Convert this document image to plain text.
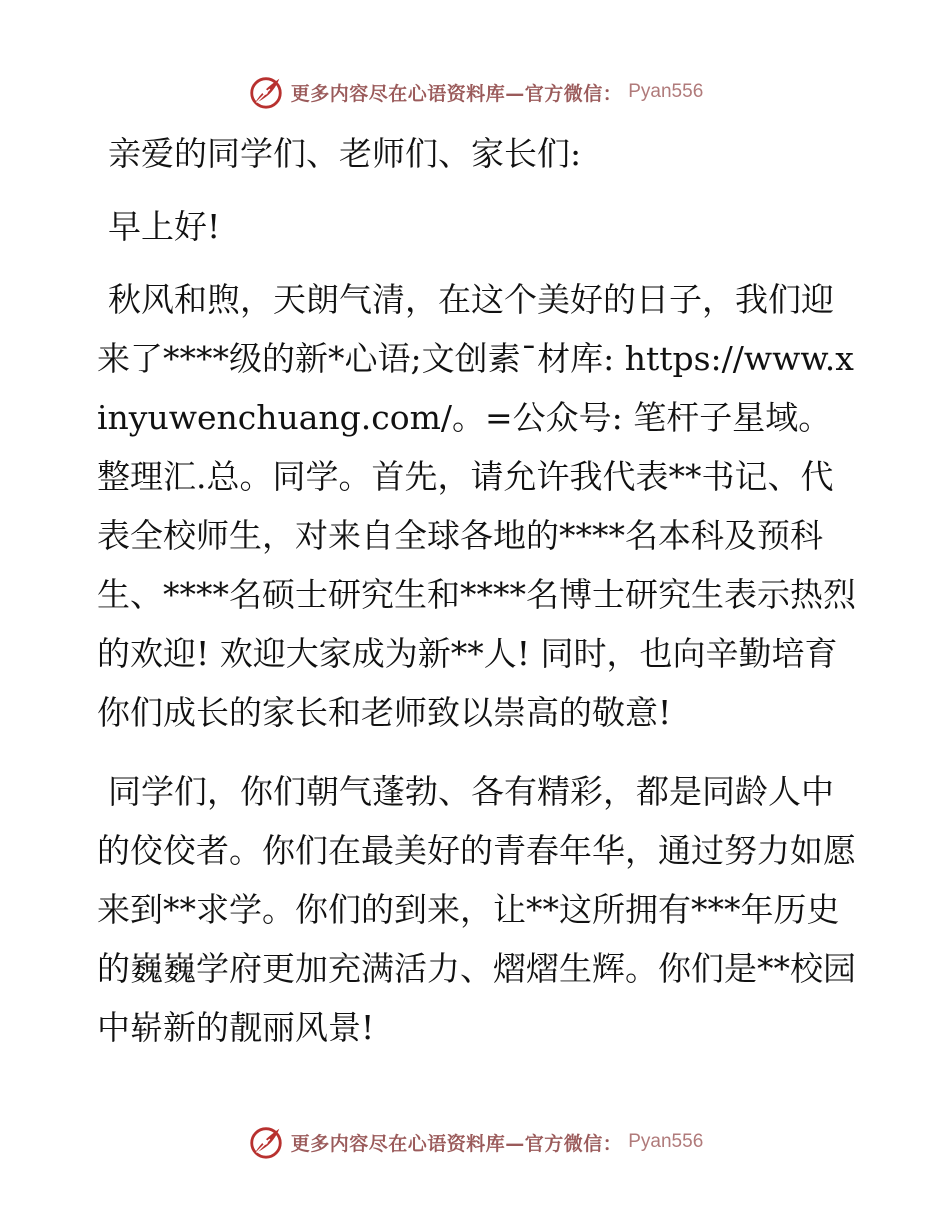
更多内容尽在心语资料库—官方微信： Pyan556

亲爱的同学们、老师们、家长们:

早上好!

秋风和煦，天朗气清，在这个美好的日子，我们迎来了****级的新*心语;文创素¯材库: https://www.xinyuwenchuang.com/。=公众号: 笔杆子星域。整理汇.总。同学。首先，请允许我代表**书记、代表全校师生，对来自全球各地的****名本科及预科生、****名硕士研究生和****名博士研究生表示热烈的欢迎! 欢迎大家成为新**人! 同时，也向辛勤培育你们成长的家长和老师致以崇高的敬意!

同学们，你们朝气蓬勃、各有精彩，都是同龄人中的佼佼者。你们在最美好的青春年华，通过努力如愿来到**求学。你们的到来，让**这所拥有***年历史的巍巍学府更加充满活力、熠熠生辉。你们是**校园中崭新的靓丽风景!

更多内容尽在心语资料库—官方微信： Pyan556
